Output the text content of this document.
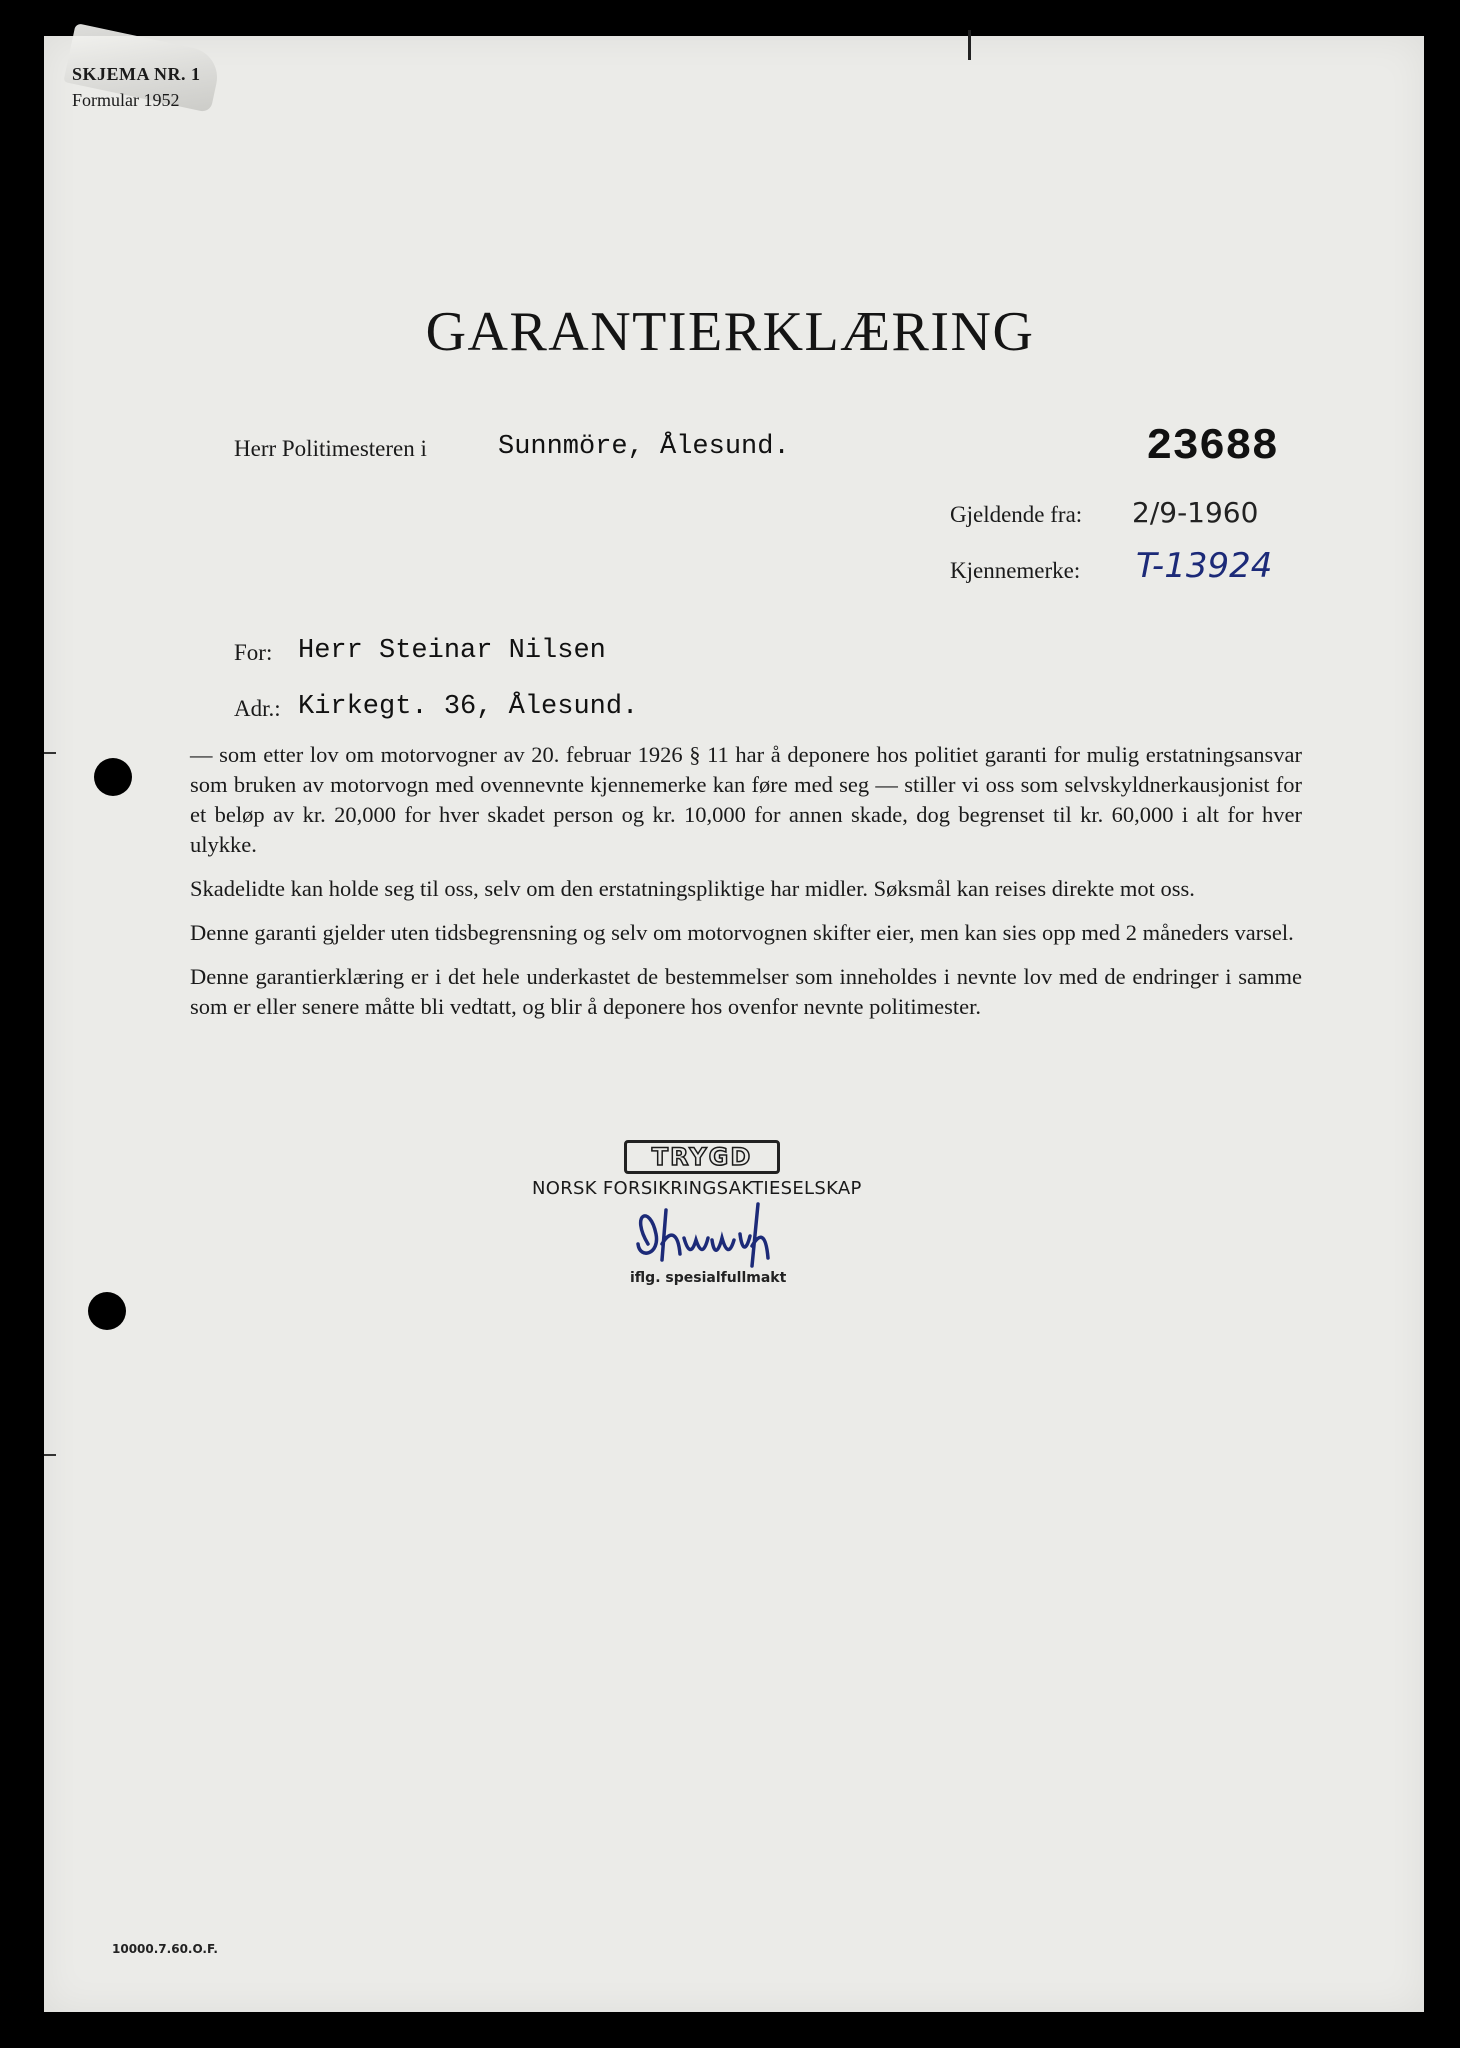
SKJEMA NR. 1
Formular 1952
GARANTIERKLÆRING
Herr Politimesteren i	Sunnmöre, Ålesund.	23688
Gjeldende fra: 2/9-1960
Kjennemerke: T-13924
For: Herr Steinar Nilsen
Adr.: Kirkegt. 36, Ålesund.

— som etter lov om motorvogner av 20. februar 1926 § 11 har å deponere hos politiet garanti for mulig erstatningsansvar som bruken av motorvogn med ovennevnte kjennemerke kan føre med seg — stiller vi oss som selvskyldnerkausjonist for et beløp av kr. 20,000 for hver skadet person og kr. 10,000 for annen skade, dog begrenset til kr. 60,000 i alt for hver ulykke.

Skadelidte kan holde seg til oss, selv om den erstatningspliktige har midler. Søksmål kan reises direkte mot oss.

Denne garanti gjelder uten tidsbegrensning og selv om motorvognen skifter eier, men kan sies opp med 2 måneders varsel.

Denne garantierklæring er i det hele underkastet de bestemmelser som inneholdes i nevnte lov med de endringer i samme som er eller senere måtte bli vedtatt, og blir å deponere hos ovenfor nevnte politimester.

TRYGD
NORSK FORSIKRINGSAKTIESELSKAP
iflg. spesialfullmakt
10000.7.60.O.F.
